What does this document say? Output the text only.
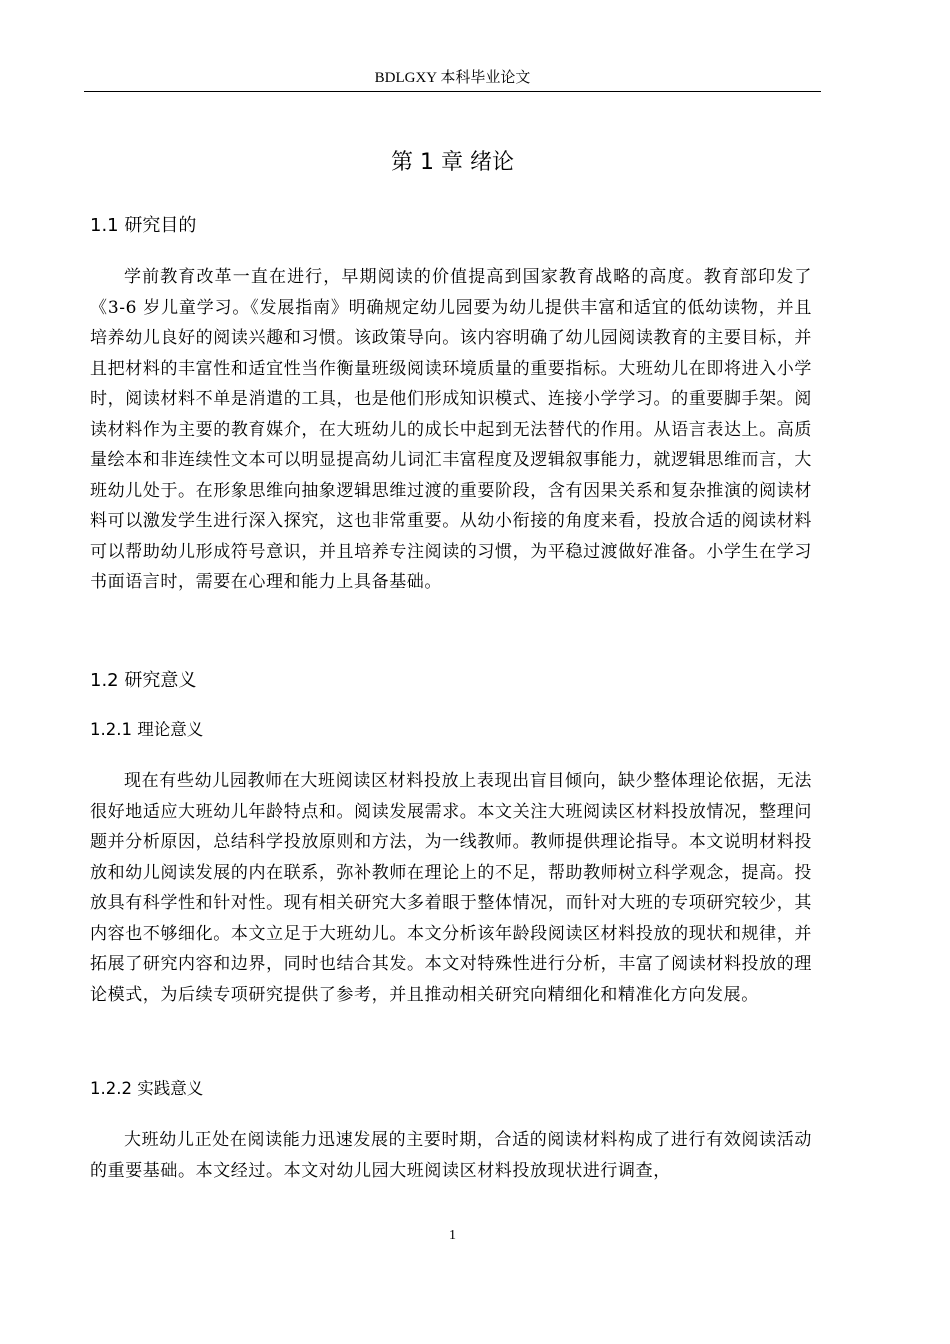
BDLGXY 本科毕业论文
第 1 章 绪论
1.1 研究目的

学前教育改革一直在进行，早期阅读的价值提高到国家教育战略的高度。教育部印发了《3-6 岁儿童学习。《发展指南》明确规定幼儿园要为幼儿提供丰富和适宜的低幼读物，并且培养幼儿良好的阅读兴趣和习惯。该政策导向。该内容明确了幼儿园阅读教育的主要目标，并且把材料的丰富性和适宜性当作衡量班级阅读环境质量的重要指标。大班幼儿在即将进入小学时，阅读材料不单是消遣的工具，也是他们形成知识模式、连接小学学习。的重要脚手架。阅读材料作为主要的教育媒介，在大班幼儿的成长中起到无法替代的作用。从语言表达上。高质量绘本和非连续性文本可以明显提高幼儿词汇丰富程度及逻辑叙事能力，就逻辑思维而言，大班幼儿处于。在形象思维向抽象逻辑思维过渡的重要阶段，含有因果关系和复杂推演的阅读材料可以激发学生进行深入探究，这也非常重要。从幼小衔接的角度来看，投放合适的阅读材料可以帮助幼儿形成符号意识，并且培养专注阅读的习惯，为平稳过渡做好准备。小学生在学习书面语言时，需要在心理和能力上具备基础。

1.2 研究意义
1.2.1 理论意义

现在有些幼儿园教师在大班阅读区材料投放上表现出盲目倾向，缺少整体理论依据，无法很好地适应大班幼儿年龄特点和。阅读发展需求。本文关注大班阅读区材料投放情况，整理问题并分析原因，总结科学投放原则和方法，为一线教师。教师提供理论指导。本文说明材料投放和幼儿阅读发展的内在联系，弥补教师在理论上的不足，帮助教师树立科学观念，提高。投放具有科学性和针对性。现有相关研究大多着眼于整体情况，而针对大班的专项研究较少，其内容也不够细化。本文立足于大班幼儿。本文分析该年龄段阅读区材料投放的现状和规律，并拓展了研究内容和边界，同时也结合其发。本文对特殊性进行分析，丰富了阅读材料投放的理论模式，为后续专项研究提供了参考，并且推动相关研究向精细化和精准化方向发展。

1.2.2 实践意义

大班幼儿正处在阅读能力迅速发展的主要时期，合适的阅读材料构成了进行有效阅读活动的重要基础。本文经过。本文对幼儿园大班阅读区材料投放现状进行调查，

1
